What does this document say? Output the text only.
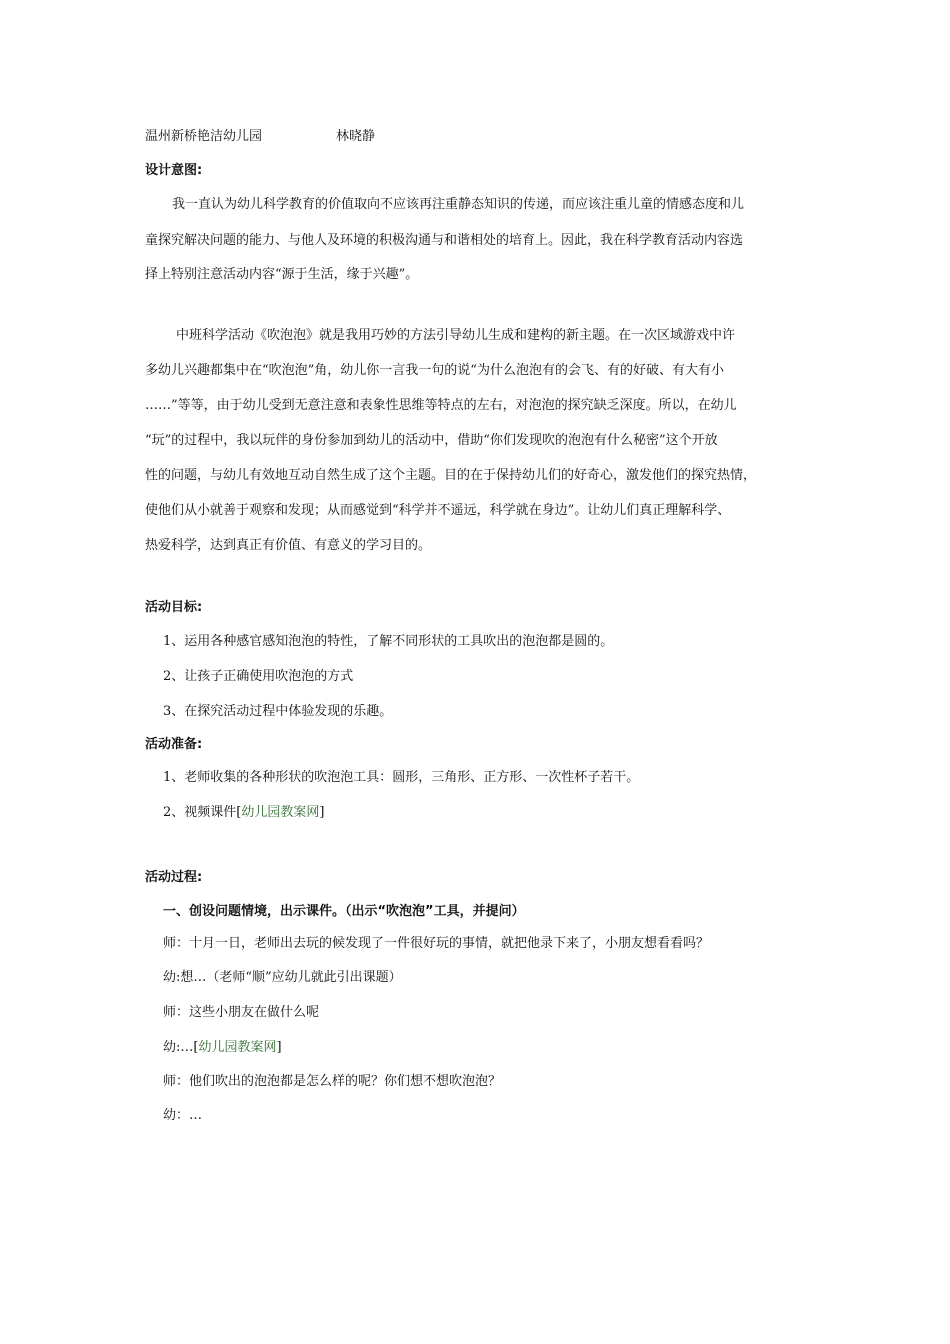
温州新桥艳洁幼儿园	林晓静
设计意图:
我一直认为幼儿科学教育的价值取向不应该再注重静态知识的传递，而应该注重儿童的情感态度和儿
童探究解决问题的能力、与他人及环境的积极沟通与和谐相处的培育上。因此，我在科学教育活动内容选
择上特别注意活动内容“源于生活，缘于兴趣”。
中班科学活动《吹泡泡》就是我用巧妙的方法引导幼儿生成和建构的新主题。在一次区域游戏中许
多幼儿兴趣都集中在“吹泡泡”角，幼儿你一言我一句的说“为什么泡泡有的会飞、有的好破、有大有小
……”等等，由于幼儿受到无意注意和表象性思维等特点的左右，对泡泡的探究缺乏深度。所以，在幼儿
“玩”的过程中，我以玩伴的身份参加到幼儿的活动中，借助“你们发现吹的泡泡有什么秘密”这个开放
性的问题，与幼儿有效地互动自然生成了这个主题。目的在于保持幼儿们的好奇心，激发他们的探究热情，
使他们从小就善于观察和发现；从而感觉到“科学并不遥远，科学就在身边”。让幼儿们真正理解科学、
热爱科学，达到真正有价值、有意义的学习目的。
活动目标:
1、运用各种感官感知泡泡的特性，了解不同形状的工具吹出的泡泡都是圆的。
2、让孩子正确使用吹泡泡的方式
3、在探究活动过程中体验发现的乐趣。
活动准备:
1、老师收集的各种形状的吹泡泡工具：圆形，三角形、正方形、一次性杯子若干。
2、视频课件[幼儿园教案网]
活动过程:
一、创设问题情境，出示课件。（出示“吹泡泡”工具，并提问）
师：十月一日，老师出去玩的候发现了一件很好玩的事情，就把他录下来了，小朋友想看看吗？
幼:想…（老师“顺”应幼儿就此引出课题）
师：这些小朋友在做什么呢
幼:…[幼儿园教案网]
师：他们吹出的泡泡都是怎么样的呢？你们想不想吹泡泡？
幼：…
